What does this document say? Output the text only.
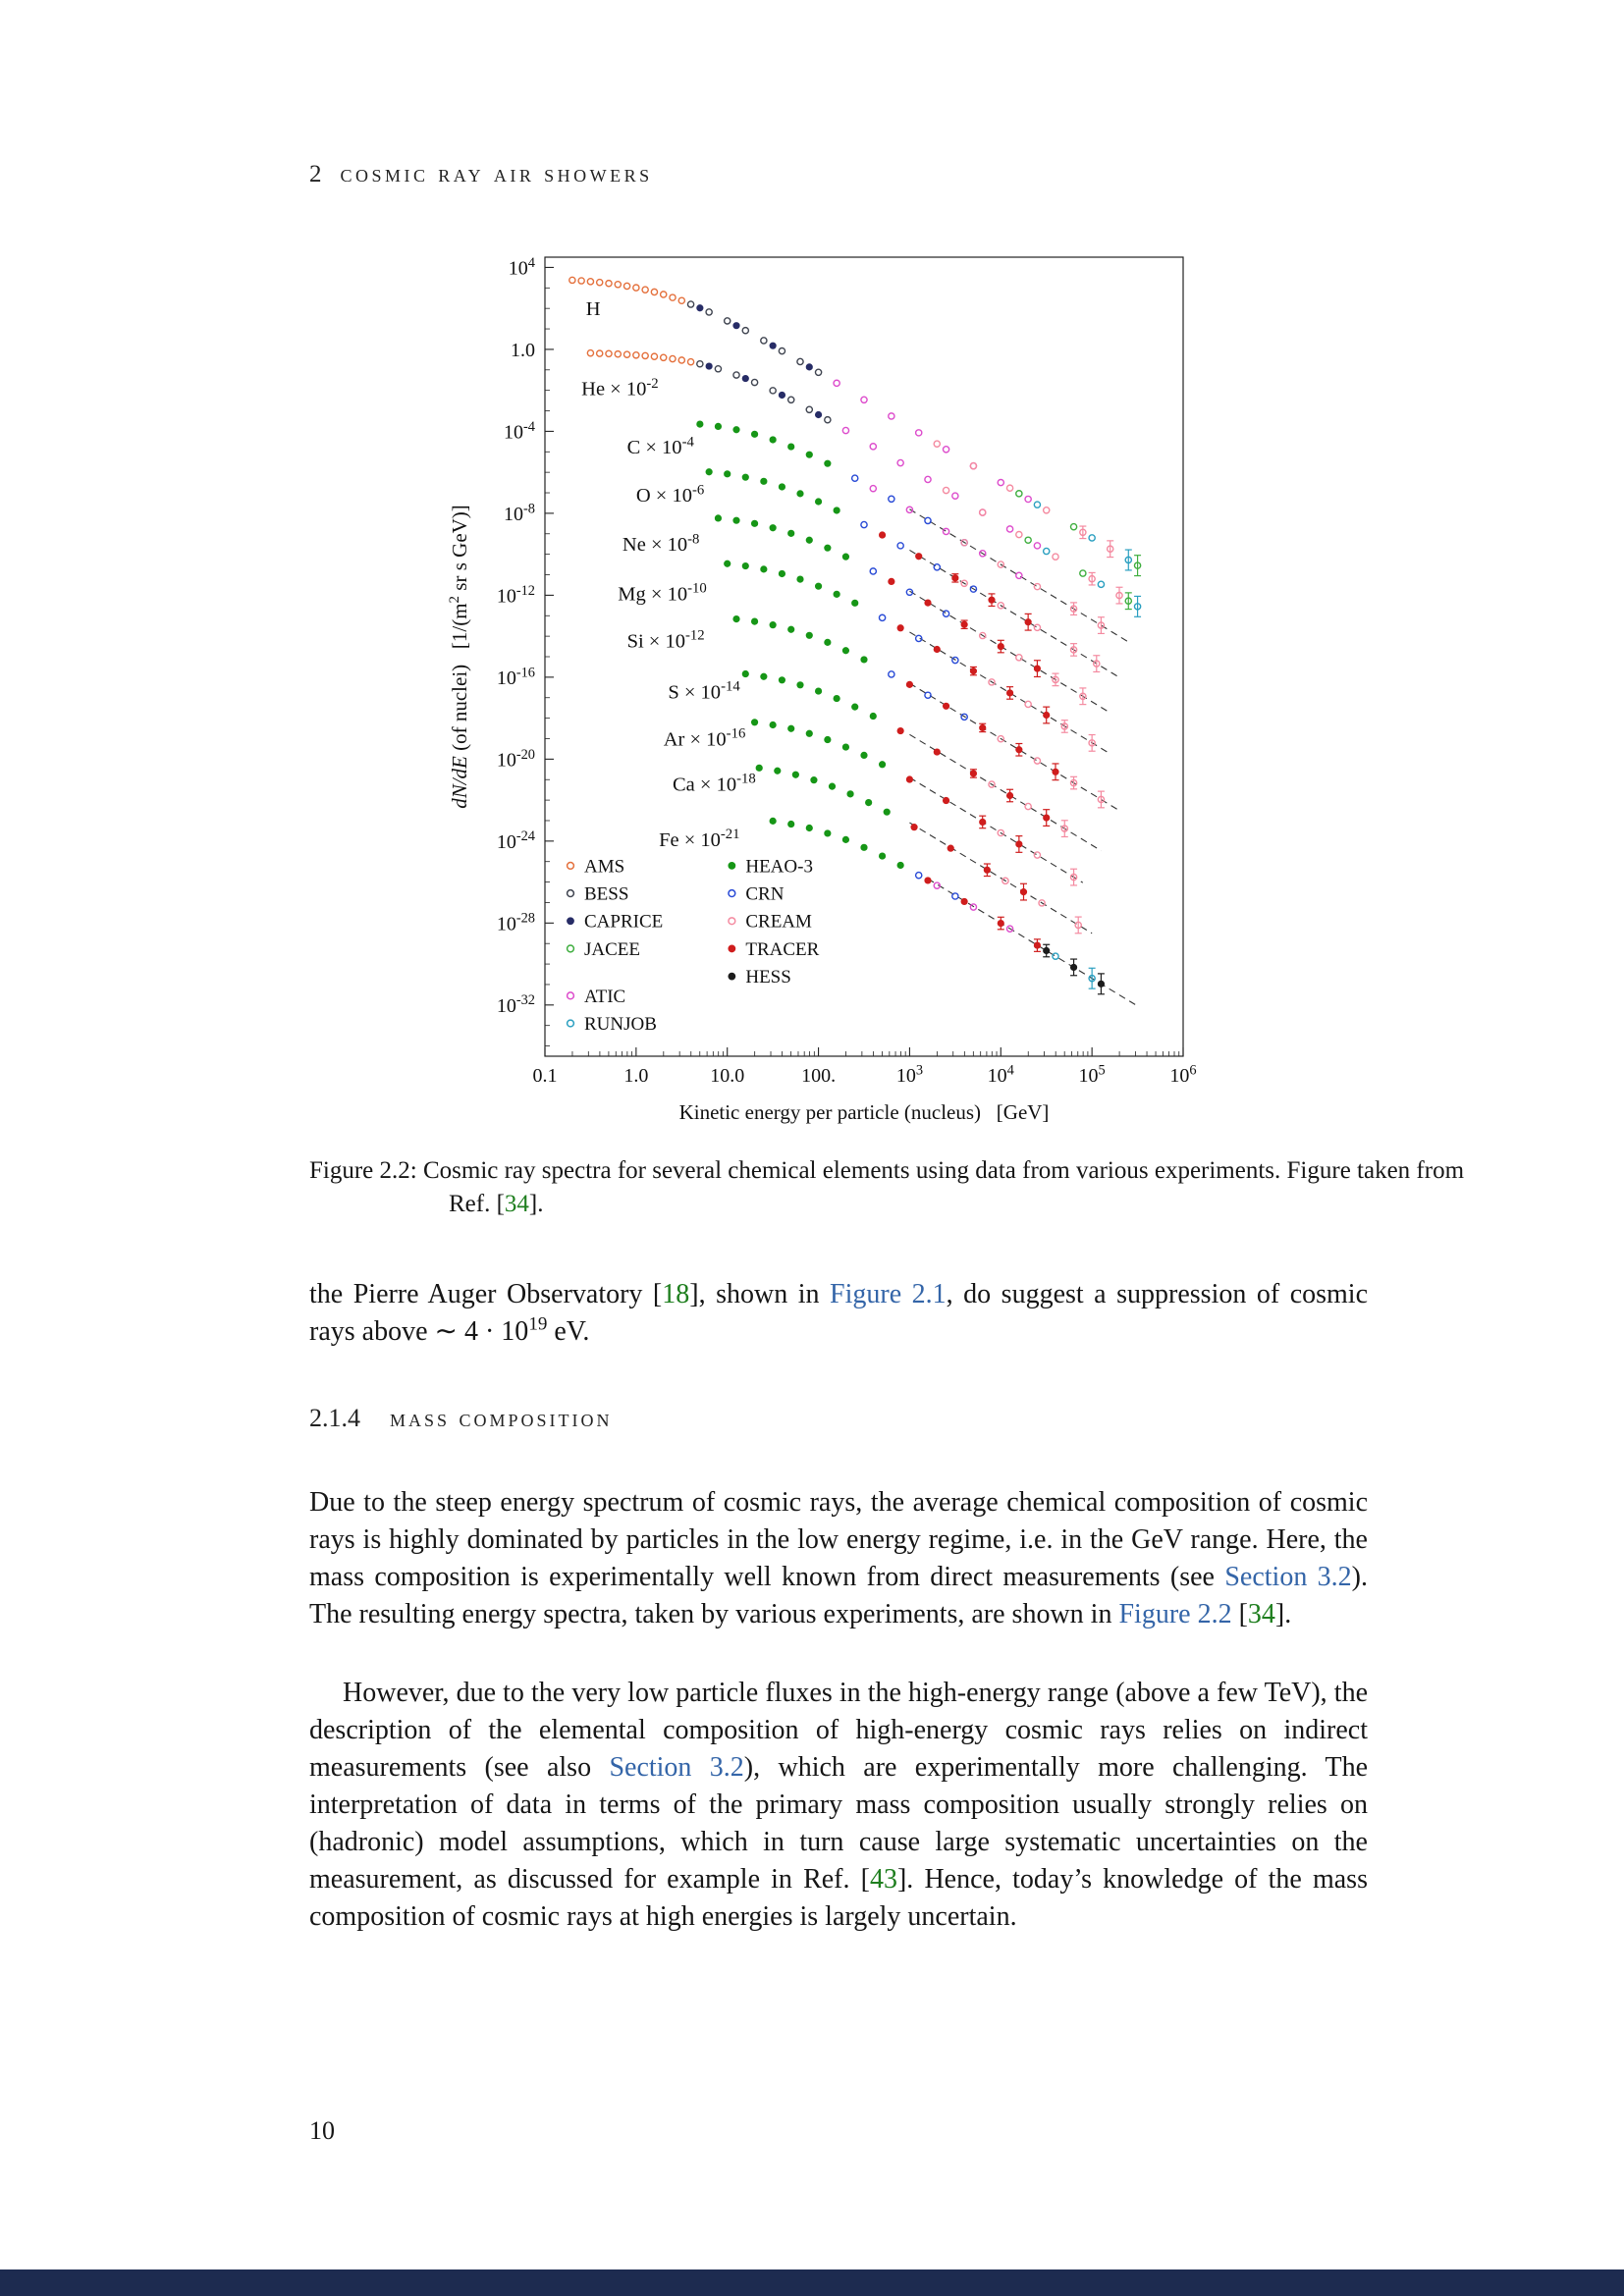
2 cosmic ray air showers
0.1	1.0	10.0	100.	$10^3$	$10^4$	$10^5$	$10^6$
$10^4$
1.0
$10^{-4}$
$10^{-8}$
$10^{-12}$
$10^{-16}$
$10^{-20}$
$10^{-24}$
$10^{-28}$
$10^{-32}$
Kinetic energy per particle (nucleus)   [GeV]
dN/dE (of nuclei)   [$1/(m^2$ sr s GeV)]
H
$He \times 10^{-2}$
$C \times 10^{-4}$
$O \times 10^{-6}$
$Ne \times 10^{-8}$
$Mg \times 10^{-10}$
$Si \times 10^{-12}$
$S \times 10^{-14}$
$Ar \times 10^{-16}$
$Ca \times 10^{-18}$
$Fe \times 10^{-21}$
AMS
BESS
CAPRICE
JACEE
ATIC
RUNJOB
HEAO-3
CRN
CREAM
TRACER
HESS
Figure 2.2: Cosmic ray spectra for several chemical elements using data from various experiments. Figure taken from Ref. [34].

the Pierre Auger Observatory [18], shown in Figure 2.1, do suggest a suppression of cosmic rays above ∼ $4 \cdot 10^{19}$ eV.

2.1.4 mass composition

Due to the steep energy spectrum of cosmic rays, the average chemical composition of cosmic rays is highly dominated by particles in the low energy regime, i.e. in the GeV range. Here, the mass composition is experimentally well known from direct measurements (see Section 3.2). The resulting energy spectra, taken by various experiments, are shown in Figure 2.2 [34].

However, due to the very low particle fluxes in the high-energy range (above a few TeV), the description of the elemental composition of high-energy cosmic rays relies on indirect measurements (see also Section 3.2), which are experimentally more challenging. The interpretation of data in terms of the primary mass composition usually strongly relies on (hadronic) model assumptions, which in turn cause large systematic uncertainties on the measurement, as discussed for example in Ref. [43]. Hence, today’s knowledge of the mass composition of cosmic rays at high energies is largely uncertain.

10
